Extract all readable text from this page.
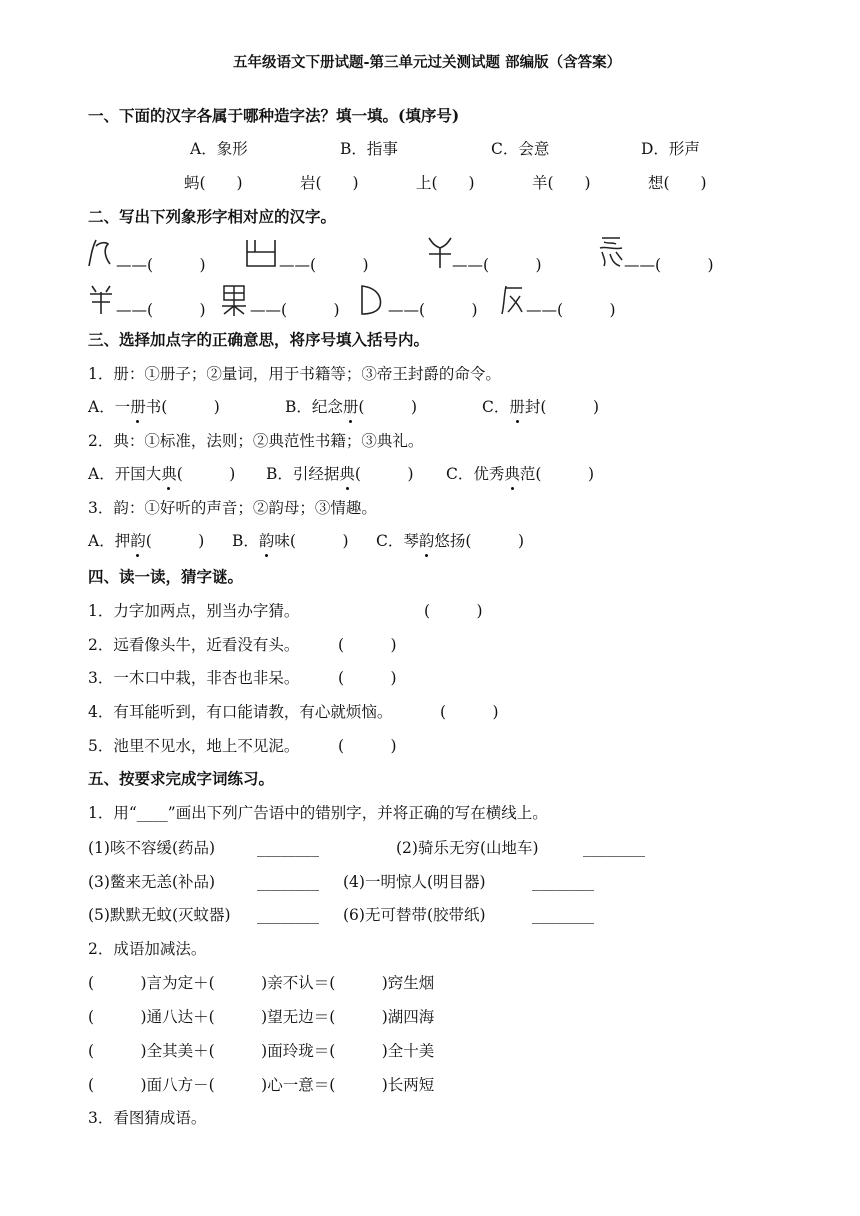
五年级语文下册试题-第三单元过关测试题 部编版（含答案）
一、下面的汉字各属于哪种造字法？填一填。(填序号)
A．象形	B．指事	C．会意	D．形声
蚂(　　)	岩(　　)	上(　　)	羊(　　)	想(　　)
二、写出下列象形字相对应的汉字。
——(　　　)	——(　　　)	——(　　　)	——(　　　)
——(　　　)	——(　　　)	——(　　　)	——(　　　)
三、选择加点字的正确意思，将序号填入括号内。
1．册：①册子；②量词，用于书籍等；③帝王封爵的命令。
A．一册书(　　　)	B．纪念册(　　　)	C．册封(　　　)
2．典：①标准，法则；②典范性书籍；③典礼。
A．开国大典(　　　) B．引经据典(　　　) C．优秀典范(　　　)
3．韵：①好听的声音；②韵母；③情趣。
A．押韵(　　　) B．韵味(　　　) C．琴韵悠扬(　　　)
四、读一读，猜字谜。
1．力字加两点，别当办字猜。	(　　　)
2．远看像头牛，近看没有头。 (　　　)
3．一木口中栽，非杏也非呆。 (　　　)
4．有耳能听到，有口能请教，有心就烦恼。	(　　　)
5．池里不见水，地上不见泥。 (　　　)
五、按要求完成字词练习。
1．用“____”画出下列广告语中的错别字，并将正确的写在横线上。
(1)咳不容缓(药品)	________	(2)骑乐无穷(山地车)	________
(3)鳖来无恙(补品)	________ (4)一明惊人(明目器)	________
(5)默默无蚊(灭蚊器) ________ (6)无可替带(胶带纸)	________
2．成语加减法。
(　　　)言为定＋(　　　)亲不认＝(　　　)窍生烟
(　　　)通八达＋(　　　)望无边＝(　　　)湖四海
(　　　)全其美＋(　　　)面玲珑＝(　　　)全十美
(　　　)面八方－(　　　)心一意＝(　　　)长两短
3．看图猜成语。
